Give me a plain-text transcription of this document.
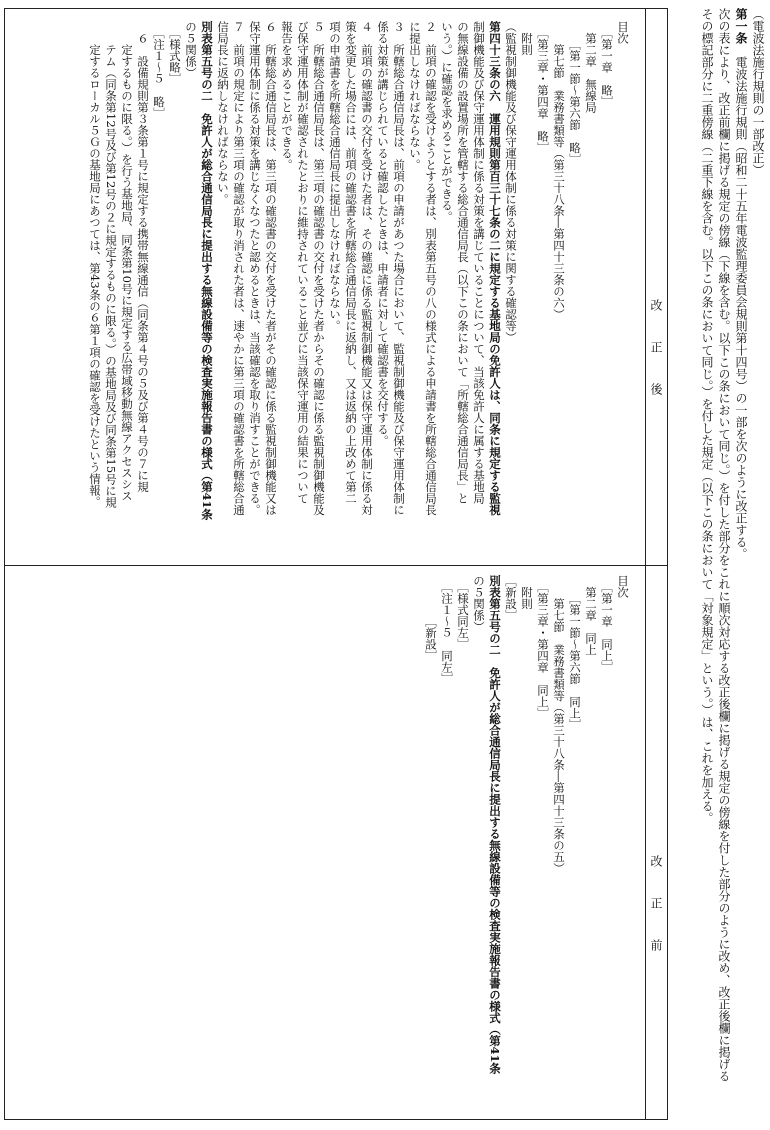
（電波法施行規則の一部改正）
第一条　電波法施行規則（昭和二十五年電波監理委員会規則第十四号）の一部を次のように改正する。
次の表により、改正前欄に掲げる規定の傍線（下線を含む。以下この条において同じ。）を付した部分をこれに順次対応する改正後欄に掲げる規定の傍線を付した部分のように改め、改正後欄に掲げる
その標記部分に二重傍線（二重下線を含む。以下この条において同じ。）を付した規定（以下この条において「対象規定」という。）は、これを加える。
改正後
改正前
目次
　［第一章　略］
　第二章　無線局
　　［第一節～第六節　略］
　　第七節　業務書類等（第三十八条―第四十三条の六）
　［第三章・第四章　略］
　附則
（監視制御機能及び保守運用体制に係る対策に関する確認等）
第四十三条の六　運用規則第百三十七条の二に規定する基地局の免許人は、同条に規定する監視
制御機能及び保守運用体制に係る対策を講じていることについて、当該免許人に属する基地局
の無線設備の設置場所を管轄する総合通信局長（以下この条において「所轄総合通信局長」と
いう。）に確認を求めることができる。
２　前項の確認を受けようとする者は、別表第五号の八の様式による申請書を所轄総合通信局長
に提出しなければならない。
３　所轄総合通信局長は、前項の申請があつた場合において、監視制御機能及び保守運用体制に
係る対策が講じられていると確認したときは、申請者に対して確認書を交付する。
４　前項の確認書の交付を受けた者は、その確認に係る監視制御機能又は保守運用体制に係る対
策を変更した場合には、前項の確認書を所轄総合通信局長に返納し、又は返納の上改めて第二
項の申請書を所轄総合通信局長に提出しなければならない。
５　所轄総合通信局長は、第三項の確認書の交付を受けた者からその確認に係る監視制御機能及
び保守運用体制が確認されたとおりに維持されていること並びに当該保守運用の結果について
報告を求めることができる。
６　所轄総合通信局長は、第三項の確認書の交付を受けた者がその確認に係る監視制御機能又は
保守運用体制に係る対策を講じなくなつたと認めるときは、当該確認を取り消すことができる。
７　前項の規定により第三項の確認が取り消された者は、速やかに第三項の確認書を所轄総合通
信局長に返納しなければならない。
別表第五号の二　免許人が総合通信局長に提出する無線設備等の検査実施報告書の様式（第41条
の５関係）
　［様式略］
　［注１～５　略］
　６　設備規則第３条第１号に規定する携帯無線通信（同条第４号の５及び第４号の７に規
　　定するものに限る。）を行う基地局、同条第10号に規定する広帯域移動無線アクセスシス
　　テム（同条第12号及び第12号の２に規定するものに限る。）の基地局及び同条第15号に規
　　定するローカル５Ｇの基地局にあつては、第43条の６第１項の確認を受けたという情報。
目次
　［第一章　同上］
　第二章　同上
　　［第一節～第六節　同上］
　　第七節　業務書類等（第三十八条―第四十三条の五）
　［第三章・第四章　同上］
　附則
［新設］
別表第五号の二　免許人が総合通信局長に提出する無線設備等の検査実施報告書の様式（第41条
の５関係）
　［様式同左］
　［注１～５　同左］
　　　　［新設］
